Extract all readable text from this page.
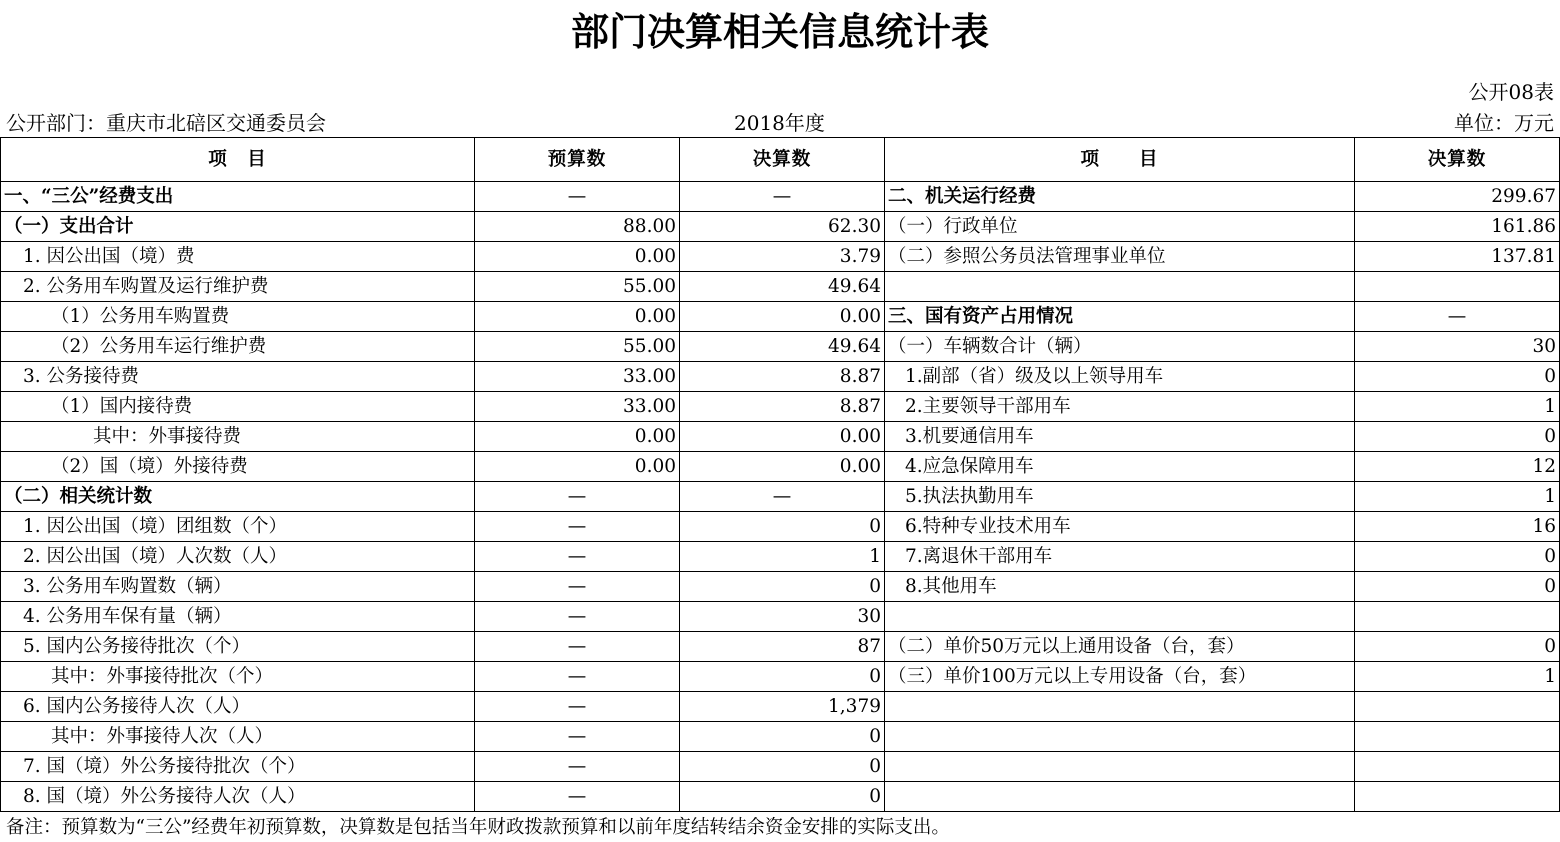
部门决算相关信息统计表
公开08表
公开部门：重庆市北碚区交通委员会	2018年度	单位：万元
项　目	预算数	决算数	项　　目	决算数
一、“三公”经费支出	—	—	二、机关运行经费	299.67
（一）支出合计	88.00	62.30	（一）行政单位	161.86
1. 因公出国（境）费	0.00	3.79	（二）参照公务员法管理事业单位	137.81
2. 公务用车购置及运行维护费	55.00	49.64		
（1）公务用车购置费	0.00	0.00	三、国有资产占用情况	—
（2）公务用车运行维护费	55.00	49.64	（一）车辆数合计（辆）	30
3. 公务接待费	33.00	8.87	1.副部（省）级及以上领导用车	0
（1）国内接待费	33.00	8.87	2.主要领导干部用车	1
其中：外事接待费	0.00	0.00	3.机要通信用车	0
（2）国（境）外接待费	0.00	0.00	4.应急保障用车	12
（二）相关统计数	—	—	5.执法执勤用车	1
1. 因公出国（境）团组数（个）	—	0	6.特种专业技术用车	16
2. 因公出国（境）人次数（人）	—	1	7.离退休干部用车	0
3. 公务用车购置数（辆）	—	0	8.其他用车	0
4. 公务用车保有量（辆）	—	30		
5. 国内公务接待批次（个）	—	87	（二）单价50万元以上通用设备（台，套）	0
其中：外事接待批次（个）	—	0	（三）单价100万元以上专用设备（台，套）	1
6. 国内公务接待人次（人）	—	1,379		
其中：外事接待人次（人）	—	0		
7. 国（境）外公务接待批次（个）	—	0		
8. 国（境）外公务接待人次（人）	—	0		
备注：预算数为“三公”经费年初预算数，决算数是包括当年财政拨款预算和以前年度结转结余资金安排的实际支出。
